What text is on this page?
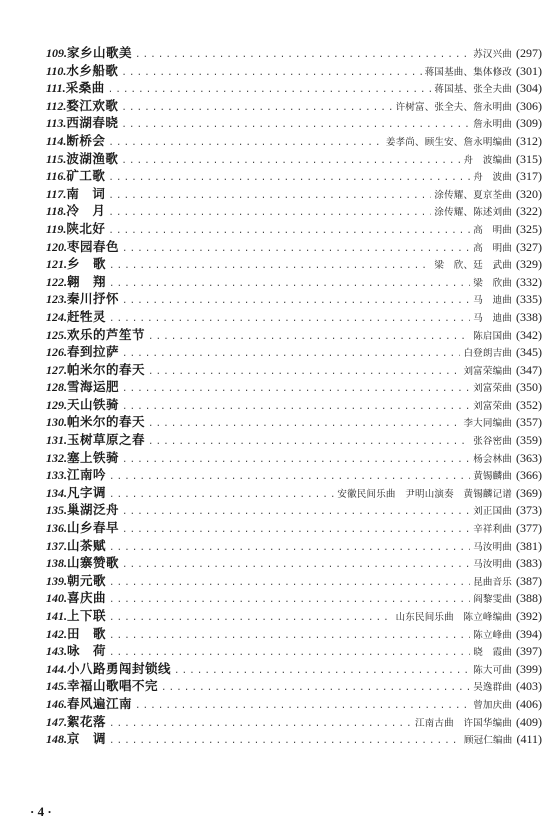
109. 家乡山歌美 .....	苏汉兴曲 (297)
110. 水乡船歌 .....	蒋国基曲、集体修改 (301)
111. 采桑曲 .....	蒋国基、张全夫曲 (304)
112. 婺江欢歌 .....	许树富、张全夫、詹永明曲 (306)
113. 西湖春晓 .....	詹永明曲 (309)
114. 断桥会 .....	姜孝尚、顾生安、詹永明编曲 (312)
115. 波湖渔歌 .....	舟　波编曲 (315)
116. 矿工歌 .....	舟　波曲 (317)
117. 南　词 .....	涂传耀、夏京荃曲 (320)
118. 冷　月 .....	涂传耀、陈述刘曲 (322)
119. 陕北好 .....	高　明曲 (325)
120. 枣园春色 .....	高　明曲 (327)
121. 乡　歌 .....	梁　欣、廷　武曲 (329)
122. 翱　翔 .....	梁　欣曲 (332)
123. 秦川抒怀 .....	马　迪曲 (335)
124. 赶牲灵 .....	马　迪曲 (338)
125. 欢乐的芦笙节 .....	陈启国曲 (342)
126. 春到拉萨 .....	白登朗吉曲 (345)
127. 帕米尔的春天 .....	刘富荣编曲 (347)
128. 雪海运肥 .....	刘富荣曲 (350)
129. 天山铁骑 .....	刘富荣曲 (352)
130. 帕米尔的春天 .....	李大同编曲 (357)
131. 玉树草原之春 .....	张谷密曲 (359)
132. 塞上铁骑 .....	杨会林曲 (363)
133. 江南吟 .....	黄锡麟曲 (366)
134. 凡字调 .....	安徽民间乐曲　尹明山演奏　黄锡麟记谱 (369)
135. 巢湖泛舟 .....	刘正国曲 (373)
136. 山乡春早 .....	辛祥利曲 (377)
137. 山茶赋 .....	马汝明曲 (381)
138. 山寨赞歌 .....	马汝明曲 (383)
139. 朝元歌 .....	昆曲音乐 (387)
140. 喜庆曲 .....	阎黎雯曲 (388)
141. 上下联 .....	山东民间乐曲　陈立峰编曲 (392)
142. 田　歌 .....	陈立峰曲 (394)
143. 咏　荷 .....	晓　霞曲 (397)
144. 小八路勇闯封锁线 .....	陈大可曲 (399)
145. 幸福山歌唱不完 .....	吴逸群曲 (403)
146. 春风遍江南 .....	曾加庆曲 (406)
147. 絮花落 .....	江南古曲　许国华编曲 (409)
148. 京　调 .....	顾冠仁编曲 (411)
· 4 ·
